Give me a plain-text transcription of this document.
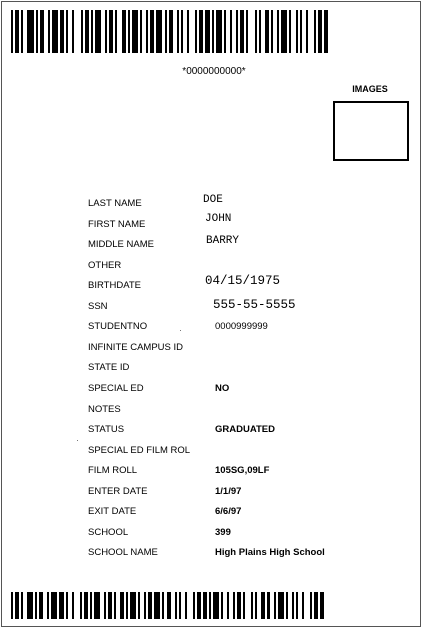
*0000000000*
IMAGES
LAST NAME
FIRST NAME
MIDDLE NAME
OTHER
BIRTHDATE
SSN
STUDENTNO
INFINITE CAMPUS ID
STATE ID
SPECIAL ED
NOTES
STATUS
SPECIAL ED FILM ROL
FILM ROLL
ENTER DATE
EXIT DATE
SCHOOL
SCHOOL NAME
DOE
JOHN
BARRY
04/15/1975
555-55-5555
0000999999
NO
GRADUATED
105SG,09LF
1/1/97
6/6/97
399
High Plains High School
